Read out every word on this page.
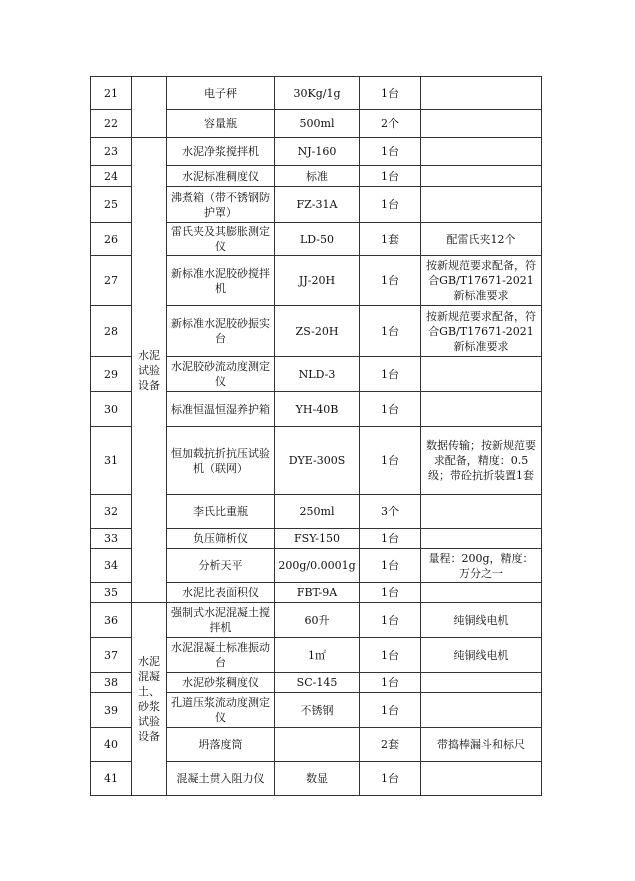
21		电子秤	30Kg/1g	1台	
22		容量瓶	500ml	2个	
23	水泥试验设备	水泥净浆搅拌机	NJ-160	1台	
24		水泥标准稠度仪	标准	1台	
25		沸煮箱（带不锈钢防护罩）	FZ-31A	1台	
26		雷氏夹及其膨胀测定仪	LD-50	1套	配雷氏夹12个
27		新标准水泥胶砂搅拌机	JJ-20H	1台	按新规范要求配备，符合GB/T17671-2021新标准要求
28		新标准水泥胶砂振实台	ZS-20H	1台	按新规范要求配备，符合GB/T17671-2021新标准要求
29		水泥胶砂流动度测定仪	NLD-3	1台	
30		标准恒温恒湿养护箱	YH-40B	1台	
31		恒加载抗折抗压试验机（联网）	DYE-300S	1台	数据传输；按新规范要求配备，精度：0.5级；带砼抗折装置1套
32		李氏比重瓶	250ml	3个	
33		负压筛析仪	FSY-150	1台	
34		分析天平	200g/0.0001g	1台	量程：200g，精度：万分之一
35		水泥比表面积仪	FBT-9A	1台	
36	水泥混凝土、砂浆试验设备	强制式水泥混凝土搅拌机	60升	1台	纯铜线电机
37		水泥混凝土标准振动台	1㎡	1台	纯铜线电机
38		水泥砂浆稠度仪	SC-145	1台	
39		孔道压浆流动度测定仪	不锈钢	1台	
40		坍落度筒		2套	带捣棒漏斗和标尺
41		混凝土贯入阻力仪	数显	1台	
